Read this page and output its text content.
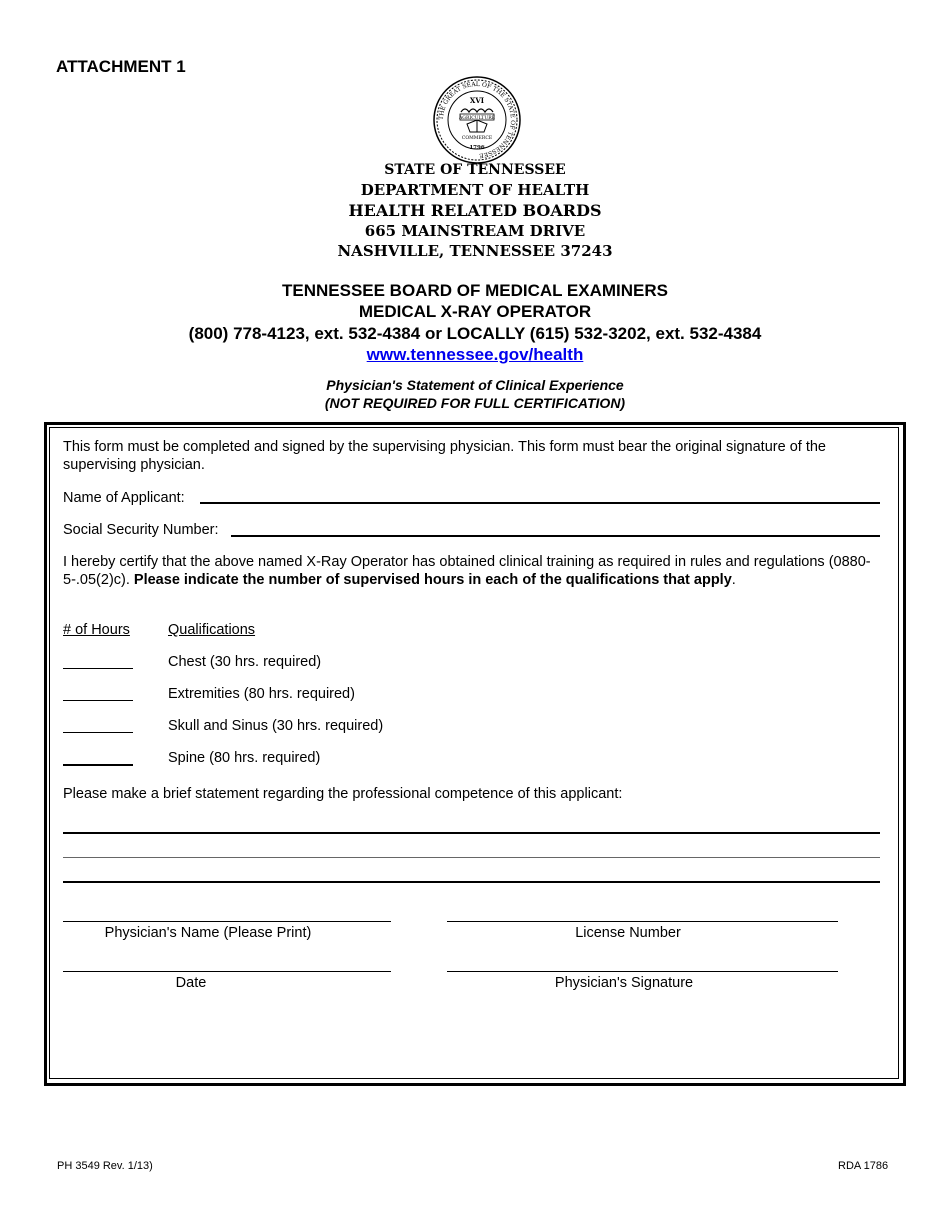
ATTACHMENT 1
THE GREAT SEAL OF THE STATE OF TENNESSEE
XVI
AGRICULTURE
COMMERCE
1796
STATE OF TENNESSEE
DEPARTMENT OF HEALTH
HEALTH RELATED BOARDS
665 MAINSTREAM DRIVE
NASHVILLE, TENNESSEE 37243
TENNESSEE BOARD OF MEDICAL EXAMINERS
MEDICAL X-RAY OPERATOR
(800) 778-4123, ext. 532-4384 or LOCALLY (615) 532-3202, ext. 532-4384
www.tennessee.gov/health
Physician's Statement of Clinical Experience
(NOT REQUIRED FOR FULL CERTIFICATION)
This form must be completed and signed by the supervising physician. This form must bear the original signature of the supervising physician.
Name of Applicant:
Social Security Number:
I hereby certify that the above named X-Ray Operator has obtained clinical training as required in rules and regulations (0880-5-.05(2)c). Please indicate the number of supervised hours in each of the qualifications that apply.
# of Hours	Qualifications
Chest (30 hrs. required)
Extremities (80 hrs. required)
Skull and Sinus (30 hrs. required)
Spine (80 hrs. required)
Please make a brief statement regarding the professional competence of this applicant:
Physician's Name (Please Print)	License Number
Date	Physician's Signature
PH 3549 Rev. 1/13)	RDA 1786
